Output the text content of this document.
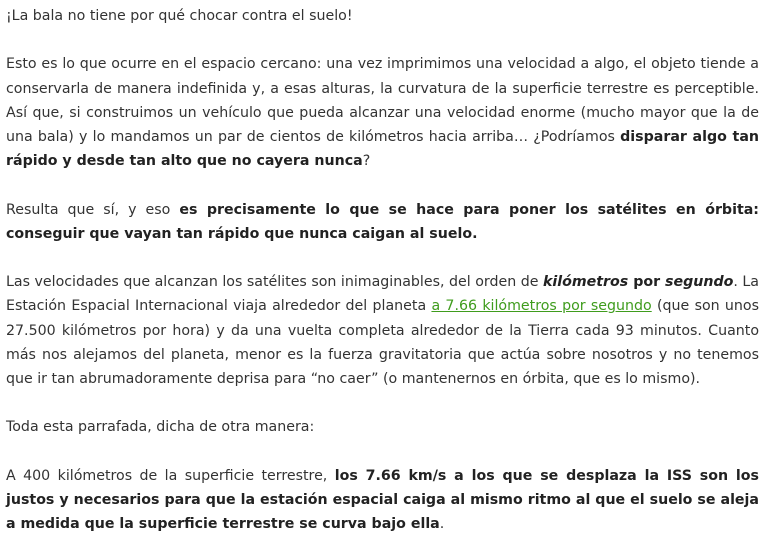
¡La bala no tiene por qué chocar contra el suelo!

Esto es lo que ocurre en el espacio cercano: una vez imprimimos una velocidad a algo, el objeto tiende a conservarla de manera indefinida y, a esas alturas, la curvatura de la superficie terrestre es perceptible. Así que, si construimos un vehículo que pueda alcanzar una velocidad enorme (mucho mayor que la de una bala) y lo mandamos un par de cientos de kilómetros hacia arriba… ¿Podríamos disparar algo tan rápido y desde tan alto que no cayera nunca?

Resulta que sí, y eso es precisamente lo que se hace para poner los satélites en órbita: conseguir que vayan tan rápido que nunca caigan al suelo.

Las velocidades que alcanzan los satélites son inimaginables, del orden de kilómetros por segundo. La Estación Espacial Internacional viaja alrededor del planeta a 7.66 kilómetros por segundo (que son unos 27.500 kilómetros por hora) y da una vuelta completa alrededor de la Tierra cada 93 minutos. Cuanto más nos alejamos del planeta, menor es la fuerza gravitatoria que actúa sobre nosotros y no tenemos que ir tan abrumadoramente deprisa para “no caer” (o mantenernos en órbita, que es lo mismo).

Toda esta parrafada, dicha de otra manera:

A 400 kilómetros de la superficie terrestre, los 7.66 km/s a los que se desplaza la ISS son los justos y necesarios para que la estación espacial caiga al mismo ritmo al que el suelo se aleja a medida que la superficie terrestre se curva bajo ella.
